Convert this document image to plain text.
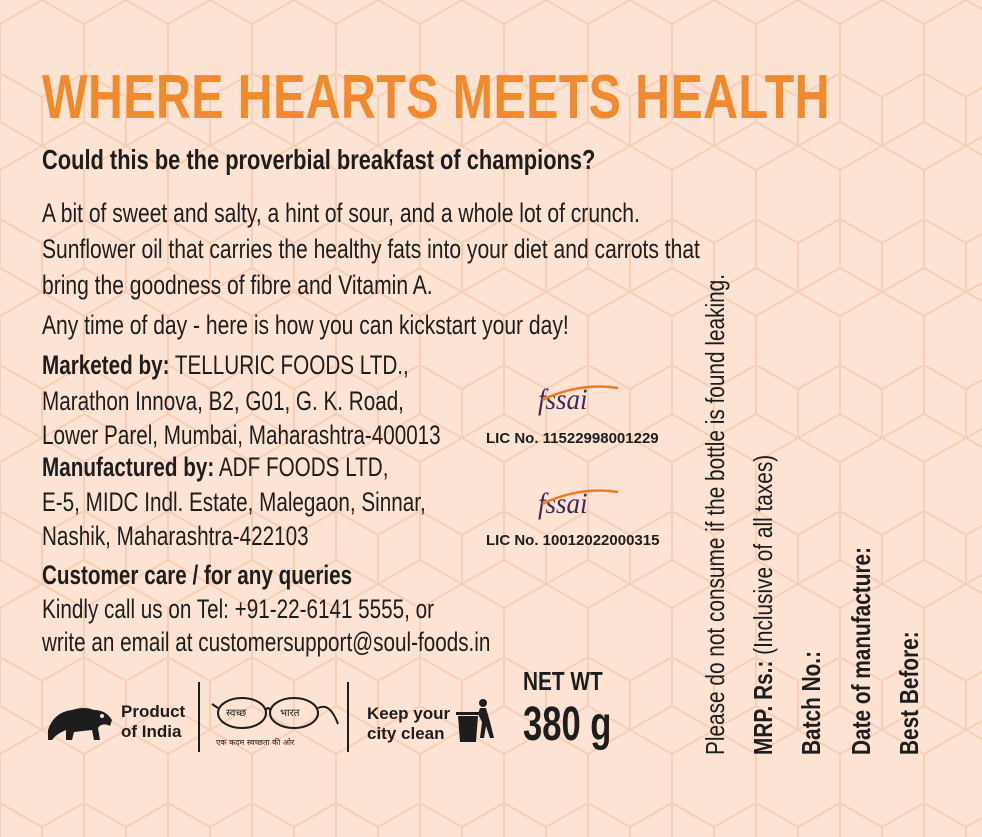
WHERE HEARTS MEETS HEALTH
Could this be the proverbial breakfast of champions?
A bit of sweet and salty, a hint of sour, and a whole lot of crunch.
Sunflower oil that carries the healthy fats into your diet and carrots that
bring the goodness of fibre and Vitamin A.
Any time of day - here is how you can kickstart your day!
Marketed by: TELLURIC FOODS LTD.,
Marathon Innova, B2, G01, G. K. Road,
Lower Parel, Mumbai, Maharashtra-400013
Manufactured by: ADF FOODS LTD,
E-5, MIDC Indl. Estate, Malegaon, Sinnar,
Nashik, Maharashtra-422103
Customer care / for any queries
Kindly call us on Tel: +91-22-6141 5555, or
write an email at customersupport@soul-foods.in
fssai
LIC No. 11522998001229
fssai
LIC No. 10012022000315
NET WT
380 g
Product
of India
स्वच्छ	भारत
एक कदम स्वच्छता की ओर
Keep your
city clean	Please do not consume if the bottle is found leaking. MRP. Rs.: (Inclusive of all taxes)
Batch No.: Date of manufacture: Best Before:
